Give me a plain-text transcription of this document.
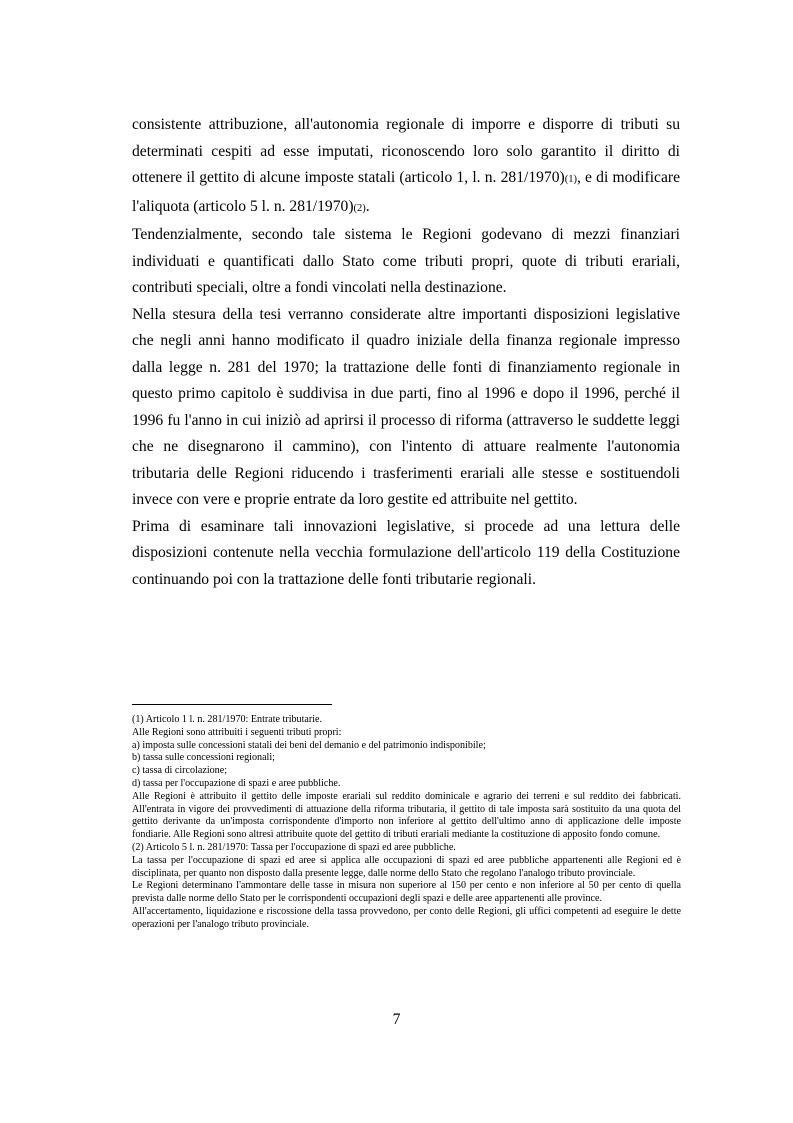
consistente attribuzione, all'autonomia regionale di imporre e disporre di tributi su determinati cespiti ad esse imputati, riconoscendo loro solo garantito il diritto di ottenere il gettito di alcune imposte statali (articolo 1, l. n. 281/1970)(1), e di modificare l'aliquota (articolo 5 l. n. 281/1970)(2).

Tendenzialmente, secondo tale sistema le Regioni godevano di mezzi finanziari individuati e quantificati dallo Stato come tributi propri, quote di tributi erariali, contributi speciali, oltre a fondi vincolati nella destinazione.

Nella stesura della tesi verranno considerate altre importanti disposizioni legislative che negli anni hanno modificato il quadro iniziale della finanza regionale impresso dalla legge n. 281 del 1970; la trattazione delle fonti di finanziamento regionale in questo primo capitolo è suddivisa in due parti, fino al 1996 e dopo il 1996, perché il 1996 fu l'anno in cui iniziò ad aprirsi il processo di riforma (attraverso le suddette leggi che ne disegnarono il cammino), con l'intento di attuare realmente l'autonomia tributaria delle Regioni riducendo i trasferimenti erariali alle stesse e sostituendoli invece con vere e proprie entrate da loro gestite ed attribuite nel gettito.

Prima di esaminare tali innovazioni legislative, si procede ad una lettura delle disposizioni contenute nella vecchia formulazione dell'articolo 119 della Costituzione continuando poi con la trattazione delle fonti tributarie regionali.

(1) Articolo 1 l. n. 281/1970: Entrate tributarie.

Alle Regioni sono attribuiti i seguenti tributi propri:

a) imposta sulle concessioni statali dei beni del demanio e del patrimonio indisponibile;

b) tassa sulle concessioni regionali;

c) tassa di circolazione;

d) tassa per l'occupazione di spazi e aree pubbliche.

Alle Regioni è attribuito il gettito delle imposte erariali sul reddito dominicale e agrario dei terreni e sul reddito dei fabbricati. All'entrata in vigore dei provvedimenti di attuazione della riforma tributaria, il gettito di tale imposta sarà sostituito da una quota del gettito derivante da un'imposta corrispondente d'importo non inferiore al gettito dell'ultimo anno di applicazione delle imposte fondiarie. Alle Regioni sono altresì attribuite quote del gettito di tributi erariali mediante la costituzione di apposito fondo comune.

(2) Articolo 5 l. n. 281/1970: Tassa per l'occupazione di spazi ed aree pubbliche.

La tassa per l'occupazione di spazi ed aree si applica alle occupazioni di spazi ed aree pubbliche appartenenti alle Regioni ed è disciplinata, per quanto non disposto dalla presente legge, dalle norme dello Stato che regolano l'analogo tributo provinciale.

Le Regioni determinano l'ammontare delle tasse in misura non superiore al 150 per cento e non inferiore al 50 per cento di quella prevista dalle norme dello Stato per le corrispondenti occupazioni degli spazi e delle aree appartenenti alle province.

All'accertamento, liquidazione e riscossione della tassa provvedono, per conto delle Regioni, gli uffici competenti ad eseguire le dette operazioni per l'analogo tributo provinciale.

7
